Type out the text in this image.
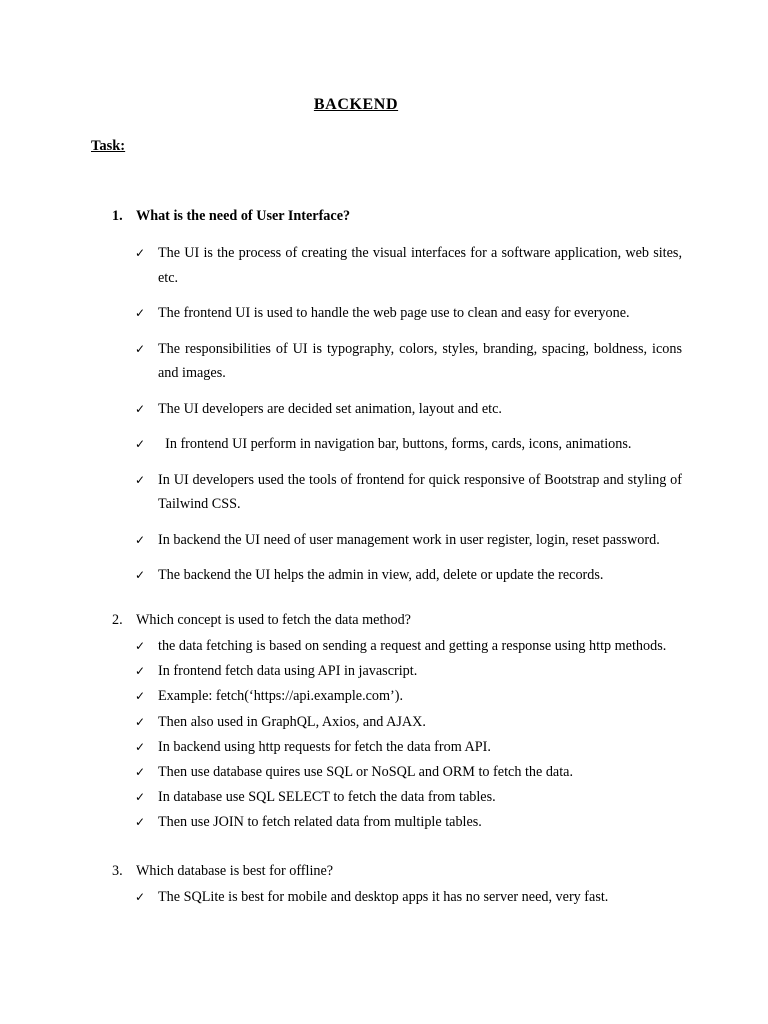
BACKEND
Task:
1. What is the need of User Interface?
✓ The UI is the process of creating the visual interfaces for a software application, web sites, etc.
✓ The frontend UI is used to handle the web page use to clean and easy for everyone.
✓ The responsibilities of UI is typography, colors, styles, branding, spacing, boldness, icons and images.
✓ The UI developers are decided set animation, layout and etc.
✓ In frontend UI perform in navigation bar, buttons, forms, cards, icons, animations.
✓ In UI developers used the tools of frontend for quick responsive of Bootstrap and styling of Tailwind CSS.
✓ In backend the UI need of user management work in user register, login, reset password.
✓ The backend the UI helps the admin in view, add, delete or update the records.
2. Which concept is used to fetch the data method?
✓ the data fetching is based on sending a request and getting a response using http methods.
✓ In frontend fetch data using API in javascript.
✓ Example: fetch(‘https://api.example.com’).
✓ Then also used in GraphQL, Axios, and AJAX.
✓ In backend using http requests for fetch the data from API.
✓ Then use database quires use SQL or NoSQL and ORM to fetch the data.
✓ In database use SQL SELECT to fetch the data from tables.
✓ Then use JOIN to fetch related data from multiple tables.
3. Which database is best for offline?
✓ The SQLite is best for mobile and desktop apps it has no server need, very fast.
